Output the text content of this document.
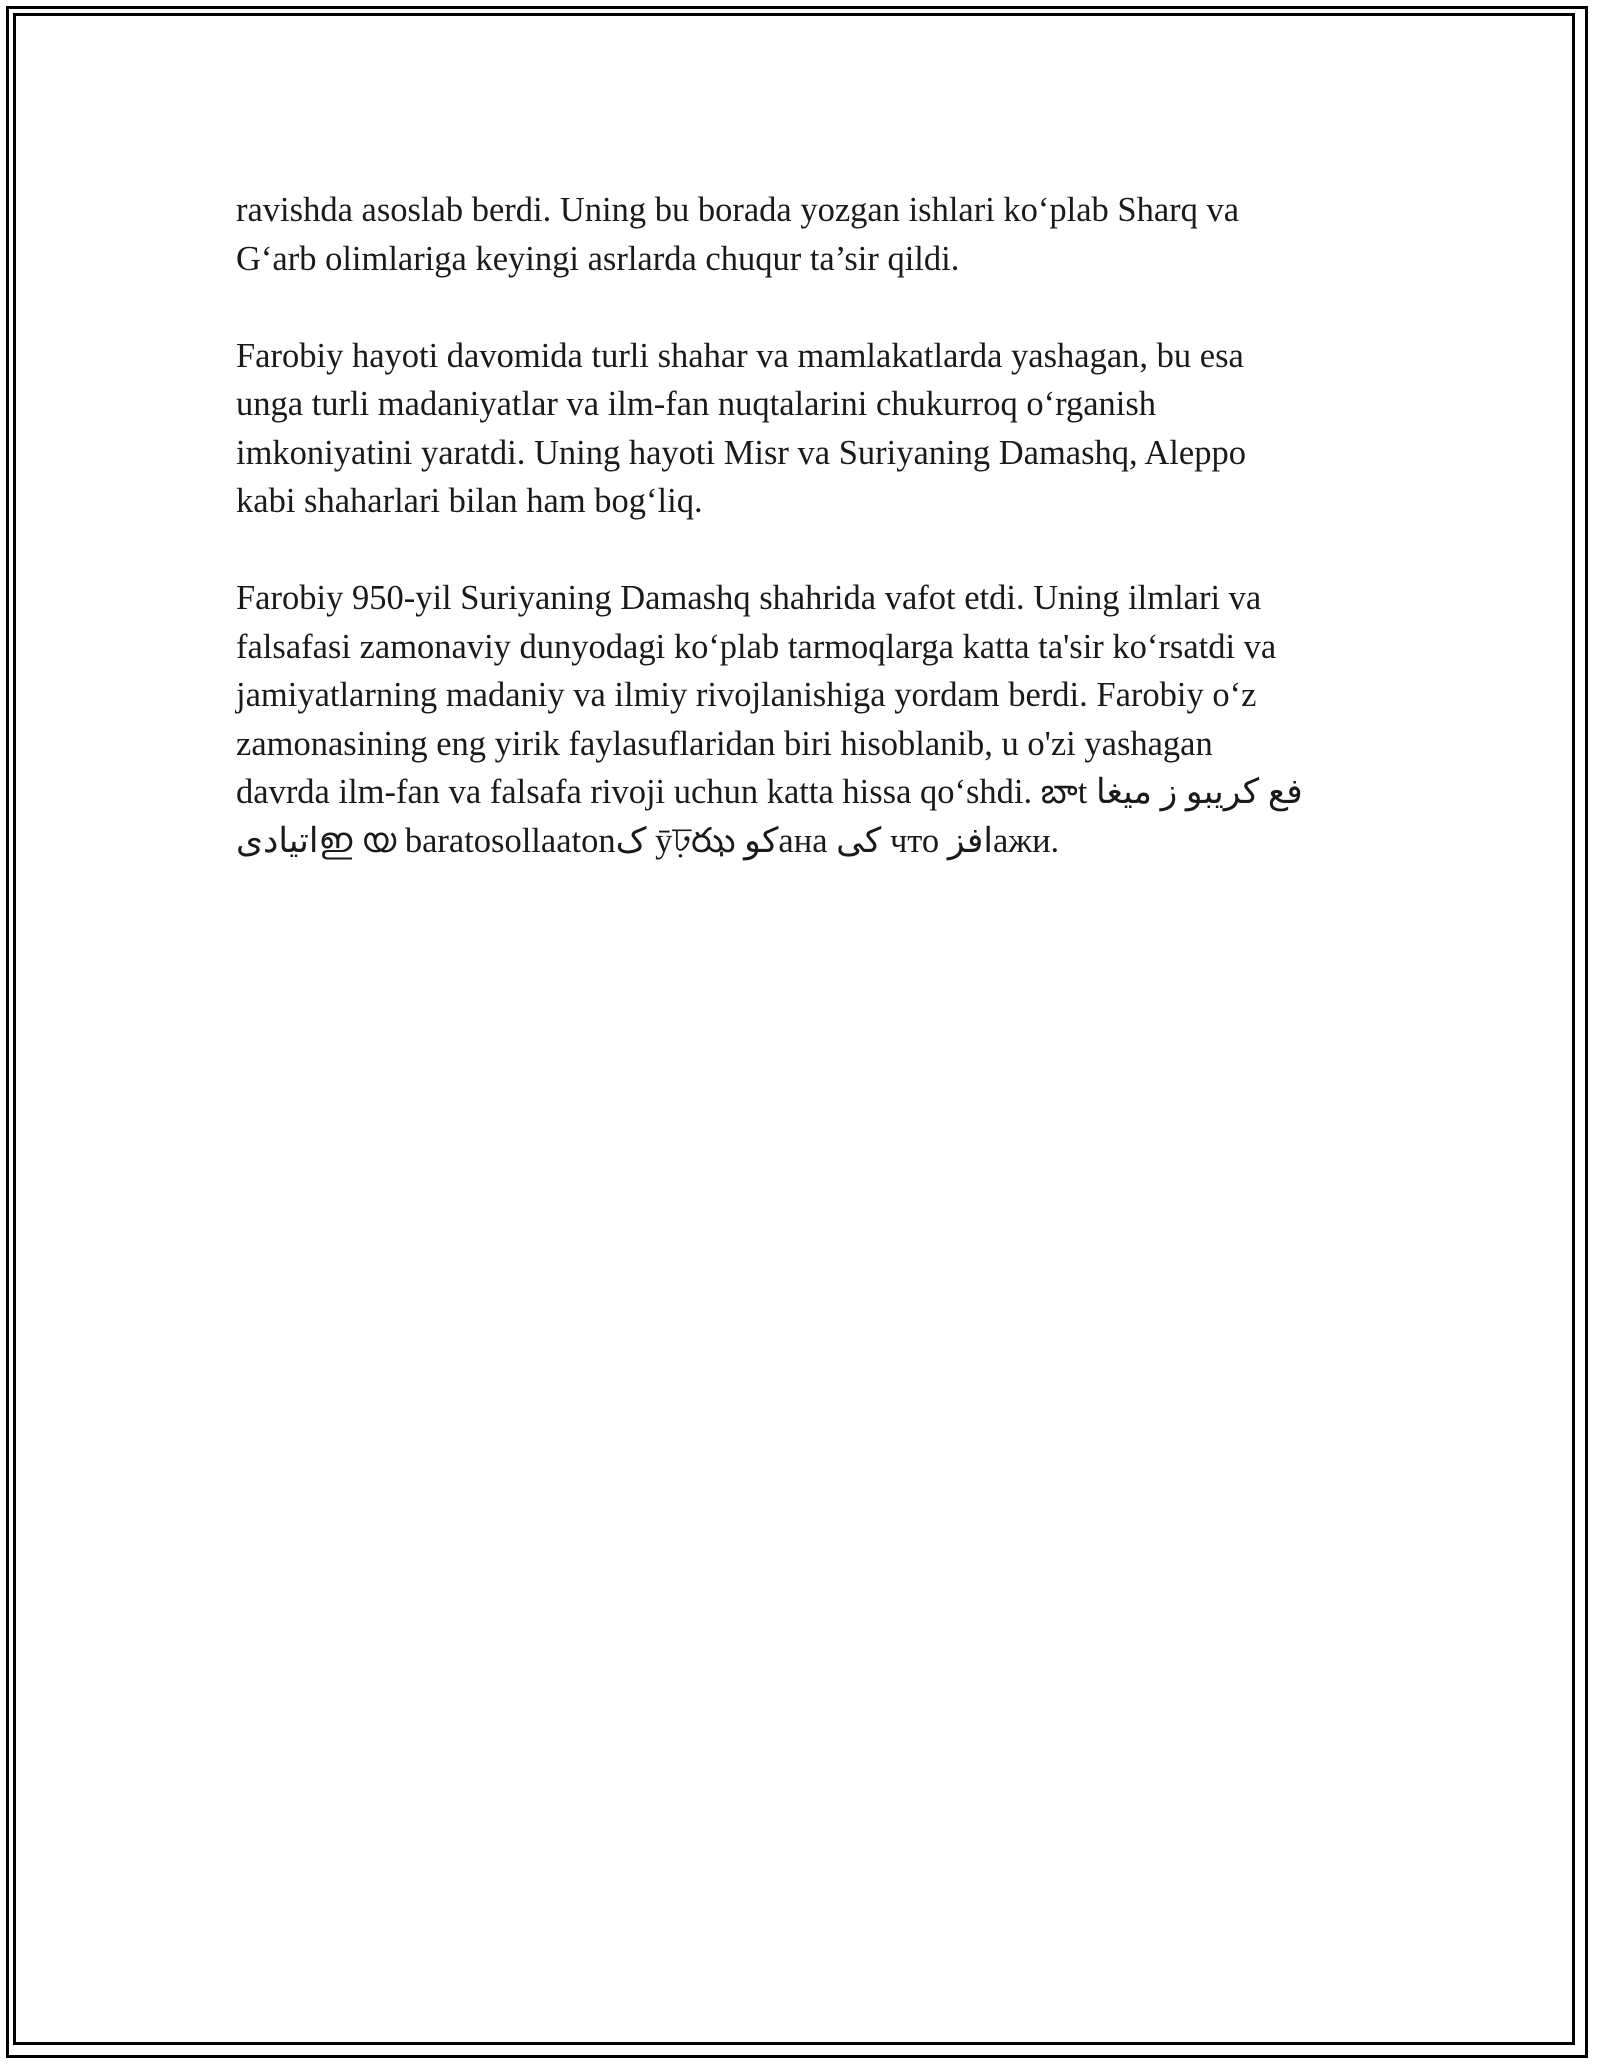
ravishda asoslab berdi. Uning bu borada yozgan ishlari ko‘plab Sharq va
G‘arb olimlariga keyingi asrlarda chuqur ta’sir qildi.

Farobiy hayoti davomida turli shahar va mamlakatlarda yashagan, bu esa
unga turli madaniyatlar va ilm-fan nuqtalarini chukurroq o‘rganish
imkoniyatini yaratdi. Uning hayoti Misr va Suriyaning Damashq, Aleppo
kabi shaharlari bilan ham bog‘liq.

Farobiy 950-yil Suriyaning Damashq shahrida vafot etdi. Uning ilmlari va
falsafasi zamonaviy dunyodagi ko‘plab tarmoqlarga katta ta'sir ko‘rsatdi va
jamiyatlarning madaniy va ilmiy rivojlanishiga yordam berdi. Farobiy o‘z
zamonasining eng yirik faylasuflaridan biri hisoblanib, u o'zi yashagan
davrda ilm-fan va falsafa rivoji uchun katta hissa qo‘shdi. బాt فع كريبو ز ميغا
اتيادیഇ യ baratosollaatonک ӯঢ়ఝ کوана کی что افزажи.
